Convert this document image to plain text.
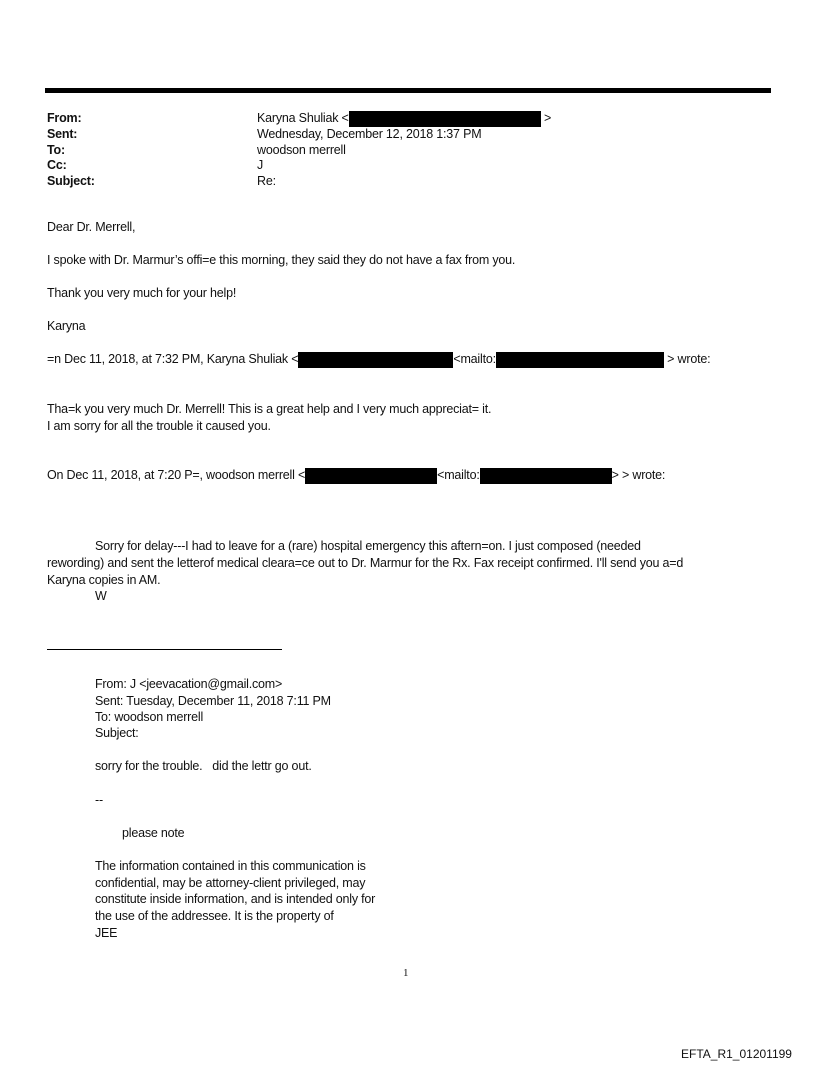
From:	Karyna Shuliak <	>
Sent:	Wednesday, December 12, 2018 1:37 PM
To:	woodson merrell
Cc:	J
Subject:	Re:
Dear Dr. Merrell,
I spoke with Dr. Marmur’s offi=e this morning, they said they do not have a fax from you.
Thank you very much for your help!
Karyna
=n Dec 11, 2018, at 7:32 PM, Karyna Shuliak <	<mailto:	> wrote:
Tha=k you very much Dr. Merrell! This is a great help and I very much appreciat= it.
I am sorry for all the trouble it caused you.
On Dec 11, 2018, at 7:20 P=, woodson merrell <	<mailto:	> > wrote:
Sorry for delay---I had to leave for a (rare) hospital emergency this aftern=on. I just composed (needed
rewording) and sent the letterof medical cleara=ce out to Dr. Marmur for the Rx. Fax receipt confirmed. I'll send you a=d
Karyna copies in AM.
W
From: J <jeevacation@gmail.com>
Sent: Tuesday, December 11, 2018 7:11 PM
To: woodson merrell
Subject:
sorry for the trouble.   did the lettr go out.
--
please note
The information contained in this communication is
confidential, may be attorney-client privileged, may
constitute inside information, and is intended only for
the use of the addressee. It is the property of
JEE
1
EFTA_R1_01201199
